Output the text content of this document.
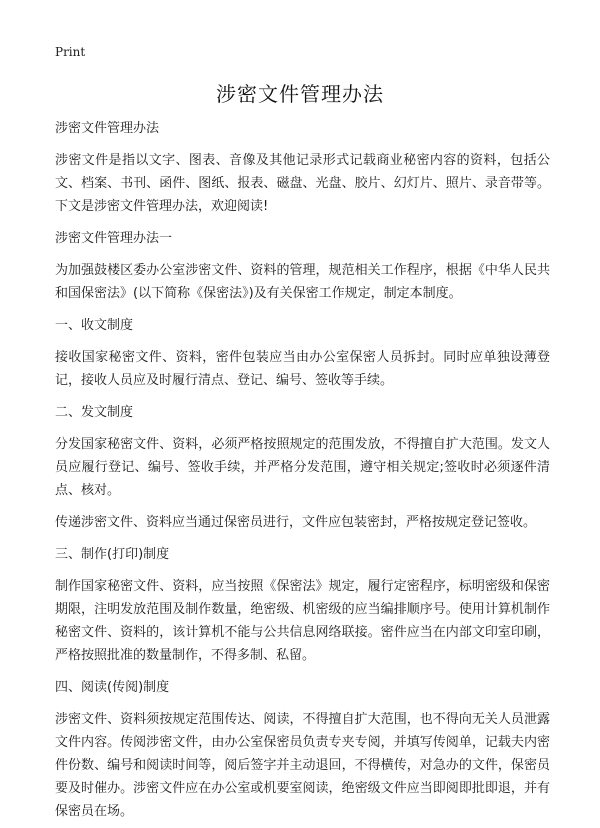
Print
涉密文件管理办法

涉密文件管理办法

涉密文件是指以文字、图表、音像及其他记录形式记载商业秘密内容的资料，包括公文、档案、书刊、函件、图纸、报表、磁盘、光盘、胶片、幻灯片、照片、录音带等。下文是涉密文件管理办法，欢迎阅读!

涉密文件管理办法一

为加强鼓楼区委办公室涉密文件、资料的管理，规范相关工作程序，根据《中华人民共和国保密法》(以下简称《保密法》)及有关保密工作规定，制定本制度。

一、收文制度

接收国家秘密文件、资料，密件包装应当由办公室保密人员拆封。同时应单独设薄登记，接收人员应及时履行清点、登记、编号、签收等手续。

二、发文制度

分发国家秘密文件、资料，必须严格按照规定的范围发放，不得擅自扩大范围。发文人员应履行登记、编号、签收手续，并严格分发范围，遵守相关规定;签收时必须逐件清点、核对。

传递涉密文件、资料应当通过保密员进行，文件应包装密封，严格按规定登记签收。

三、制作(打印)制度

制作国家秘密文件、资料，应当按照《保密法》规定，履行定密程序，标明密级和保密期限，注明发放范围及制作数量，绝密级、机密级的应当编排顺序号。使用计算机制作秘密文件、资料的，该计算机不能与公共信息网络联接。密件应当在内部文印室印刷，严格按照批准的数量制作，不得多制、私留。

四、阅读(传阅)制度

涉密文件、资料须按规定范围传达、阅读，不得擅自扩大范围，也不得向无关人员泄露文件内容。传阅涉密文件，由办公室保密员负责专夹专阅，并填写传阅单，记载夫内密件份数、编号和阅读时间等，阅后签字并主动退回，不得横传，对急办的文件，保密员要及时催办。涉密文件应在办公室或机要室阅读，绝密级文件应当即阅即批即退，并有保密员在场。
